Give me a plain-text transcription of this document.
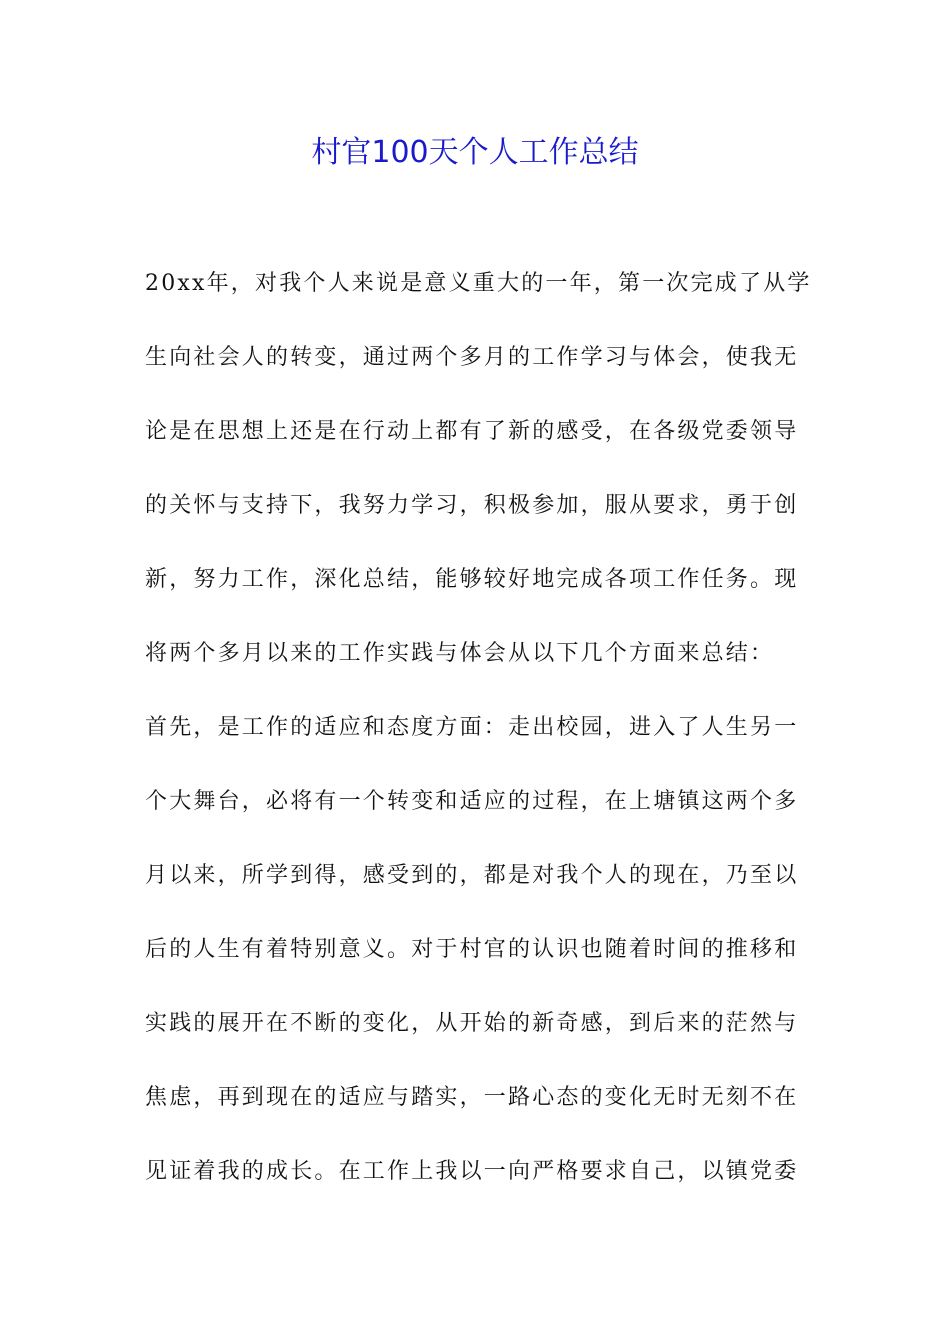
村官100天个人工作总结
20xx年，对我个人来说是意义重大的一年，第一次完成了从学
生向社会人的转变，通过两个多月的工作学习与体会，使我无
论是在思想上还是在行动上都有了新的感受，在各级党委领导
的关怀与支持下，我努力学习，积极参加，服从要求，勇于创
新，努力工作，深化总结，能够较好地完成各项工作任务。现
将两个多月以来的工作实践与体会从以下几个方面来总结：
首先，是工作的适应和态度方面：走出校园，进入了人生另一
个大舞台，必将有一个转变和适应的过程，在上塘镇这两个多
月以来，所学到得，感受到的，都是对我个人的现在，乃至以
后的人生有着特别意义。对于村官的认识也随着时间的推移和
实践的展开在不断的变化，从开始的新奇感，到后来的茫然与
焦虑，再到现在的适应与踏实，一路心态的变化无时无刻不在
见证着我的成长。在工作上我以一向严格要求自己，以镇党委
